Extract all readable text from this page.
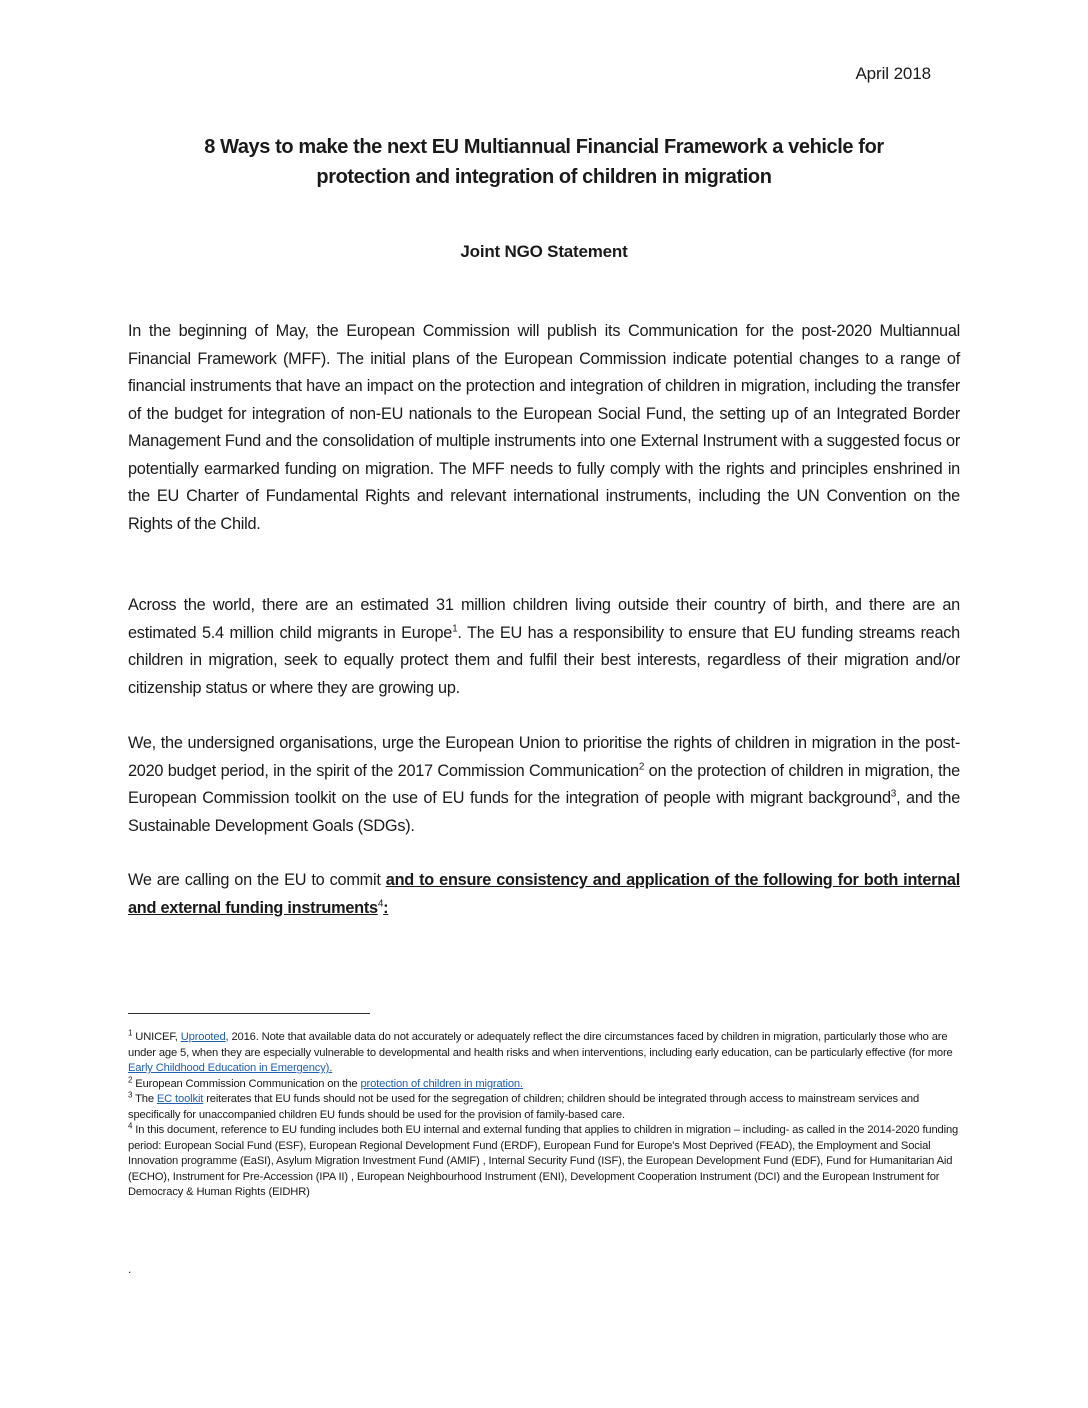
April 2018
8 Ways to make the next EU Multiannual Financial Framework a vehicle for
protection and integration of children in migration
Joint NGO Statement
In the beginning of May, the European Commission will publish its Communication for the post-2020 Multiannual Financial Framework (MFF). The initial plans of the European Commission indicate potential changes to a range of financial instruments that have an impact on the protection and integration of children in migration, including the transfer of the budget for integration of non-EU nationals to the European Social Fund, the setting up of an Integrated Border Management Fund and the consolidation of multiple instruments into one External Instrument with a suggested focus or potentially earmarked funding on migration. The MFF needs to fully comply with the rights and principles enshrined in the EU Charter of Fundamental Rights and relevant international instruments, including the UN Convention on the Rights of the Child.
Across the world, there are an estimated 31 million children living outside their country of birth, and there are an estimated 5.4 million child migrants in Europe$^1$. The EU has a responsibility to ensure that EU funding streams reach children in migration, seek to equally protect them and fulfil their best interests, regardless of their migration and/or citizenship status or where they are growing up.
We, the undersigned organisations, urge the European Union to prioritise the rights of children in migration in the post-2020 budget period, in the spirit of the 2017 Commission Communication$^2$ on the protection of children in migration, the European Commission toolkit on the use of EU funds for the integration of people with migrant background$^3$, and the Sustainable Development Goals (SDGs).
We are calling on the EU to commit and to ensure consistency and application of the following for both internal and external funding instruments$^4$:

$^1$ UNICEF, Uprooted, 2016. Note that available data do not accurately or adequately reflect the dire circumstances faced by children in migration, particularly those who are under age 5, when they are especially vulnerable to developmental and health risks and when interventions, including early education, can be particularly effective (for more Early Childhood Education in Emergency).

$^2$ European Commission Communication on the protection of children in migration.

$^3$ The EC toolkit reiterates that EU funds should not be used for the segregation of children; children should be integrated through access to mainstream services and specifically for unaccompanied children EU funds should be used for the provision of family-based care.

$^4$ In this document, reference to EU funding includes both EU internal and external funding that applies to children in migration – including- as called in the 2014-2020 funding period: European Social Fund (ESF), European Regional Development Fund (ERDF), European Fund for Europe's Most Deprived (FEAD), the Employment and Social Innovation programme (EaSI), Asylum Migration Investment Fund (AMIF) , Internal Security Fund (ISF), the European Development Fund (EDF), Fund for Humanitarian Aid (ECHO), Instrument for Pre-Accession (IPA II) , European Neighbourhood Instrument (ENI), Development Cooperation Instrument (DCI) and the European Instrument for Democracy & Human Rights (EIDHR)

.
